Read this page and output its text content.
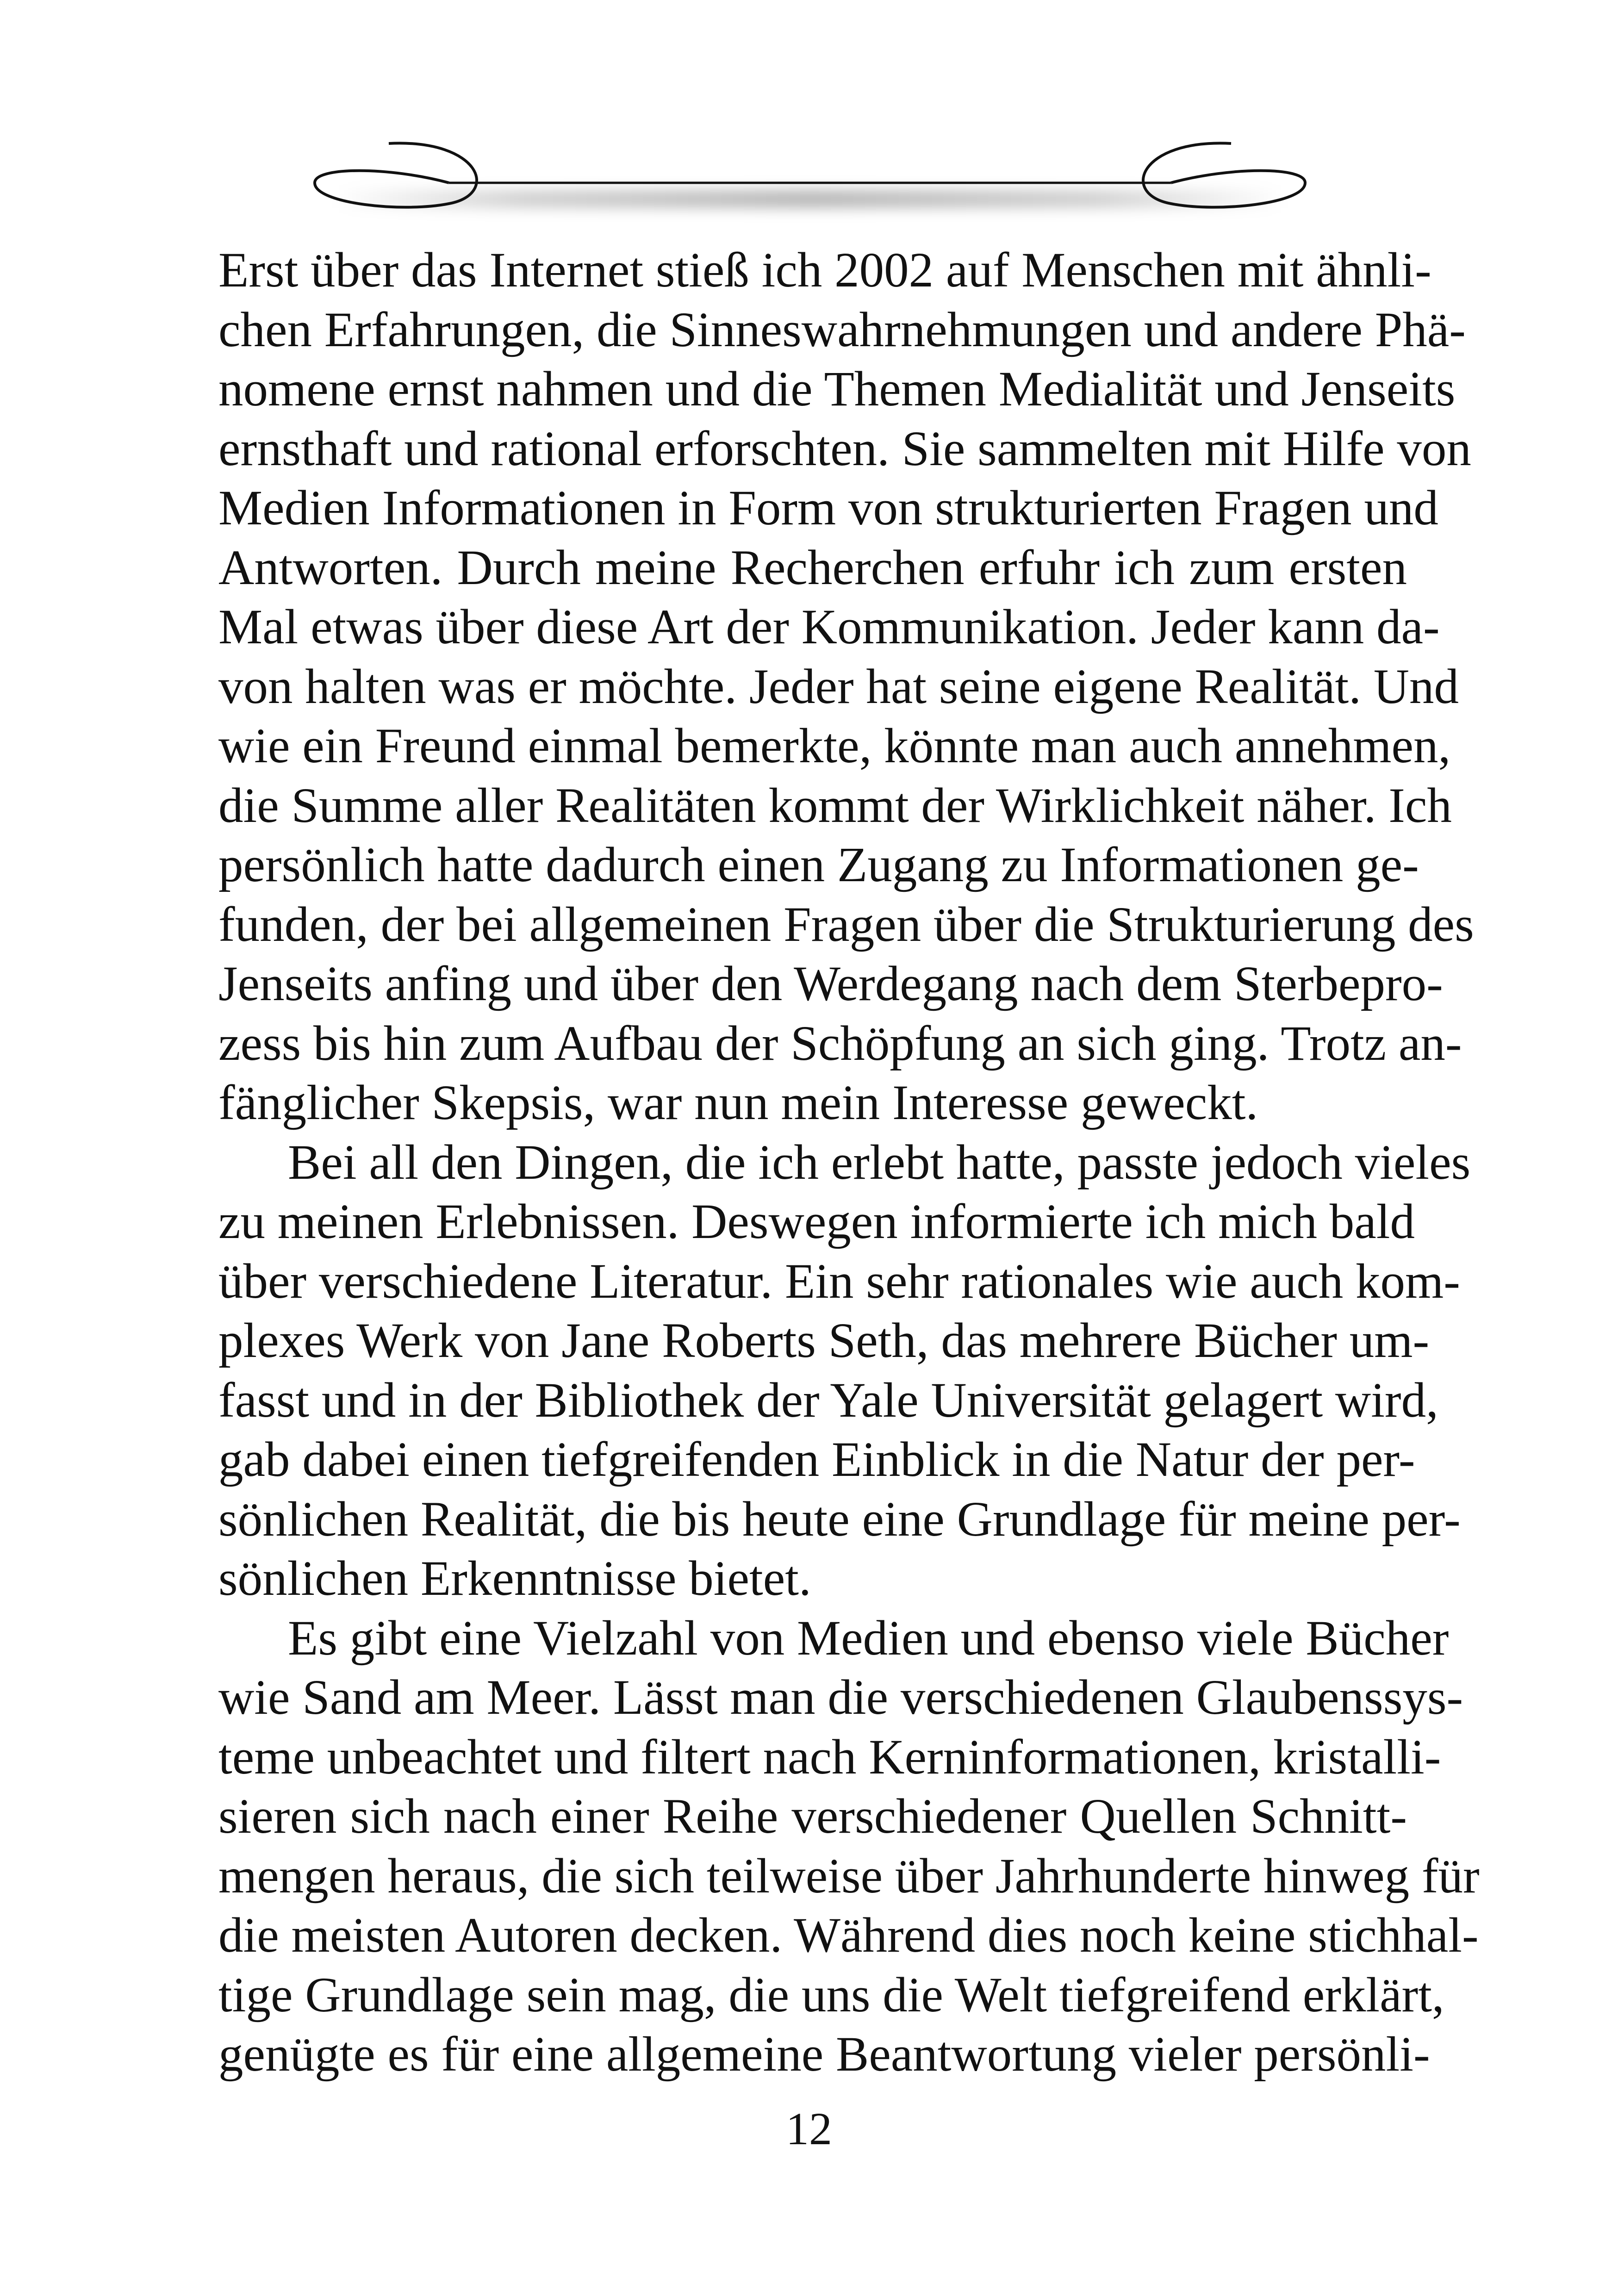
Erst über das Internet stieß ich 2002 auf Menschen mit ähnli-
chen Erfahrungen, die Sinneswahrnehmungen und andere Phä-
nomene ernst nahmen und die Themen Medialität und Jenseits
ernsthaft und rational erforschten. Sie sammelten mit Hilfe von
Medien Informationen in Form von strukturierten Fragen und
Antworten. Durch meine Recherchen erfuhr ich zum ersten
Mal etwas über diese Art der Kommunikation. Jeder kann da-
von halten was er möchte. Jeder hat seine eigene Realität. Und
wie ein Freund einmal bemerkte, könnte man auch annehmen,
die Summe aller Realitäten kommt der Wirklichkeit näher. Ich
persönlich hatte dadurch einen Zugang zu Informationen ge-
funden, der bei allgemeinen Fragen über die Strukturierung des
Jenseits anfing und über den Werdegang nach dem Sterbepro-
zess bis hin zum Aufbau der Schöpfung an sich ging. Trotz an-
fänglicher Skepsis, war nun mein Interesse geweckt.
Bei all den Dingen, die ich erlebt hatte, passte jedoch vieles
zu meinen Erlebnissen. Deswegen informierte ich mich bald
über verschiedene Literatur. Ein sehr rationales wie auch kom-
plexes Werk von Jane Roberts Seth, das mehrere Bücher um-
fasst und in der Bibliothek der Yale Universität gelagert wird,
gab dabei einen tiefgreifenden Einblick in die Natur der per-
sönlichen Realität, die bis heute eine Grundlage für meine per-
sönlichen Erkenntnisse bietet.
Es gibt eine Vielzahl von Medien und ebenso viele Bücher
wie Sand am Meer. Lässt man die verschiedenen Glaubenssys-
teme unbeachtet und filtert nach Kerninformationen, kristalli-
sieren sich nach einer Reihe verschiedener Quellen Schnitt-
mengen heraus, die sich teilweise über Jahrhunderte hinweg für
die meisten Autoren decken. Während dies noch keine stichhal-
tige Grundlage sein mag, die uns die Welt tiefgreifend erklärt,
genügte es für eine allgemeine Beantwortung vieler persönli-
12
